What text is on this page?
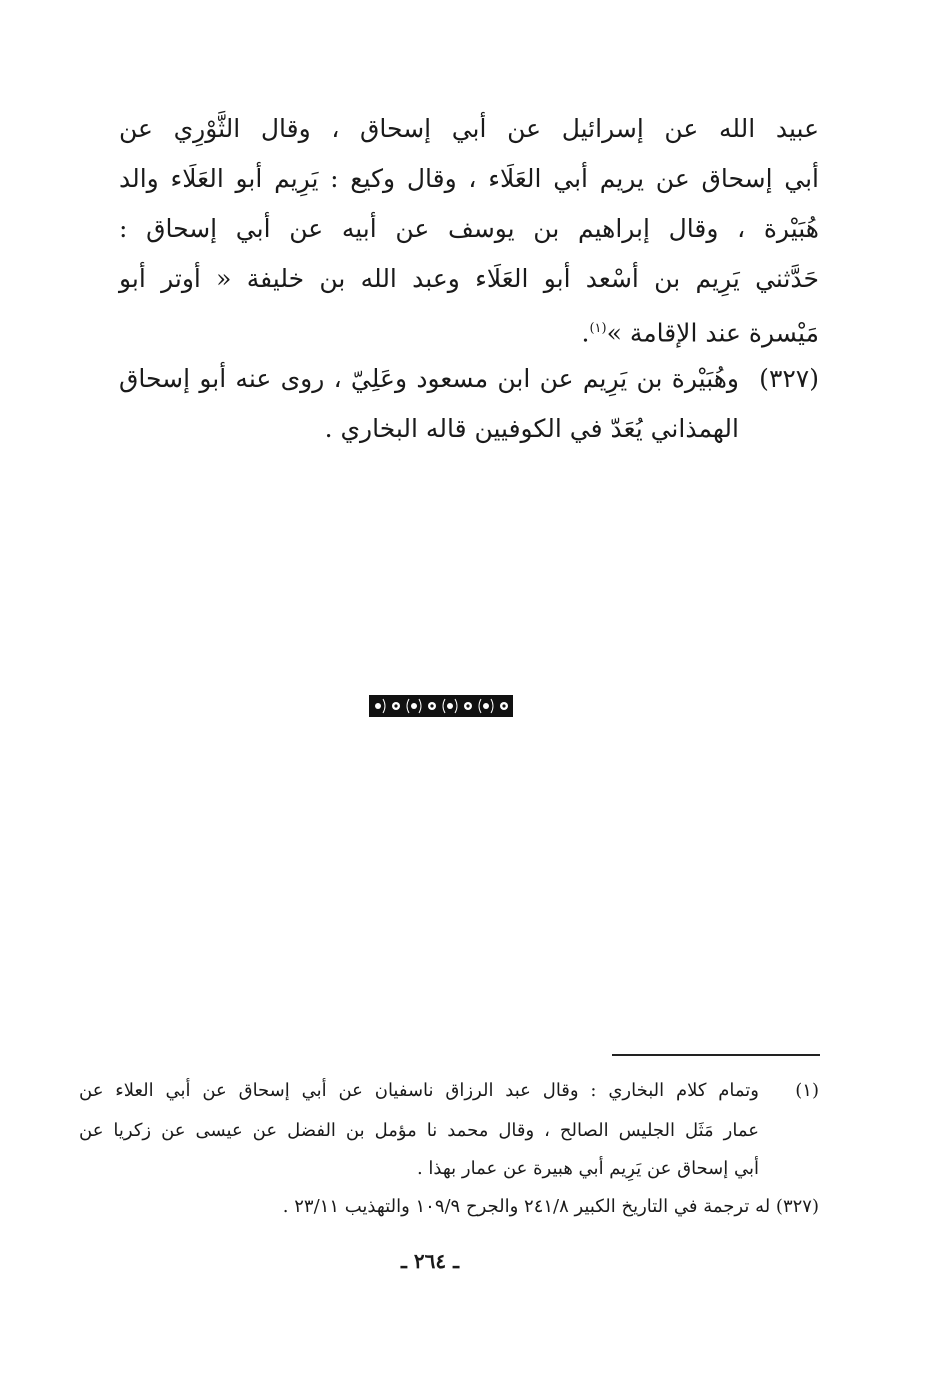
عبيد الله عن إسرائيل عن أبي إسحاق ، وقال الثَّوْرِي عن
أبي إسحاق عن يريم أبي العَلَاء ، وقال وكيع : يَرِيم أبو العَلَاء والد
هُبَيْرة ، وقال إبراهيم بن يوسف عن أبيه عن أبي إسحاق :
حَدَّثني يَرِيم بن أسْعد أبو العَلَاء وعبد الله بن خليفة « أوتر أبو
مَيْسرة عند الإقامة »$^{(١)}$.
(٣٢٧)
وهُبَيْرة بن يَرِيم عن ابن مسعود وعَلِيّ ، روى عنه أبو إسحاق
الهمذاني يُعَدّ في الكوفيين قاله البخاري .
(١)
وتمام كلام البخاري : وقال عبد الرزاق ناسفيان عن أبي إسحاق عن أبي العلاء عن
عمار مَثَل الجليس الصالح ، وقال محمد نا مؤمل بن الفضل عن عيسى عن زكريا عن
أبي إسحاق عن يَرِيم أبي هبيرة عن عمار بهذا .
(٣٢٧) له ترجمة في التاريخ الكبير ٢٤١/٨ والجرح ١٠٩/٩ والتهذيب ٢٣/١١ .
ـ ٢٦٤ ـ
